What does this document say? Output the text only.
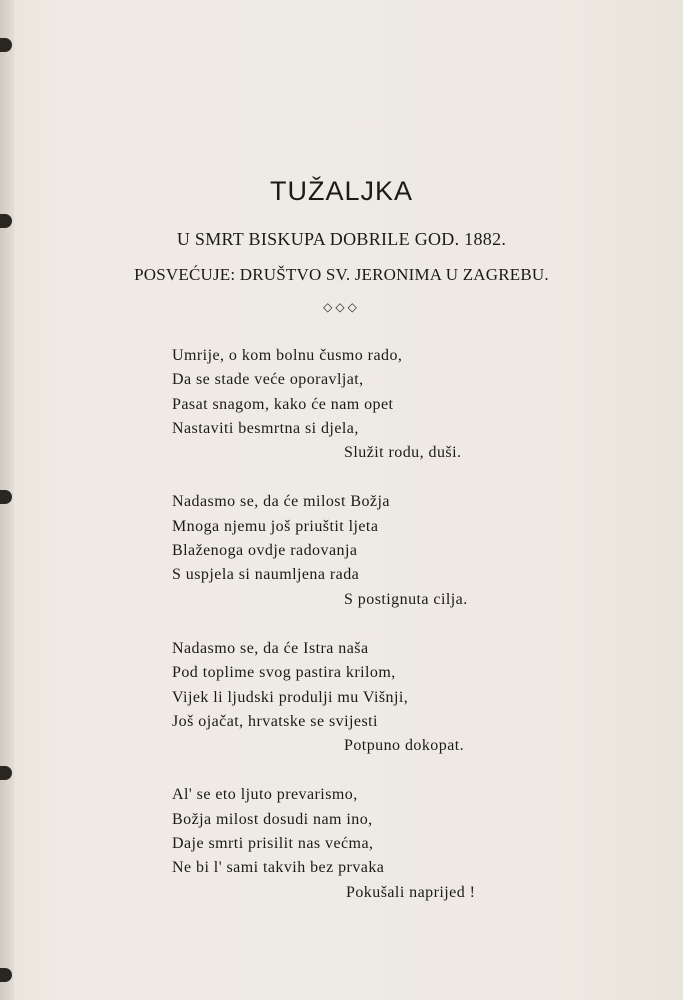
TUŽALJKA

U SMRT BISKUPA DOBRILE GOD. 1882.

POSVEĆUJE: DRUŠTVO SV. JERONIMA U ZAGREBU.

◇◇◇
Umrije, o kom bolnu čusmo rado,
Da se stade veće oporavljat,
Pasat snagom, kako će nam opet
Nastaviti besmrtna si djela,
Služit rodu, duši.
Nadasmo se, da će milost Božja
Mnoga njemu još priuštit ljeta
Blaženoga ovdje radovanja
S uspjela si naumljena rada
S postignuta cilja.
Nadasmo se, da će Istra naša
Pod toplime svog pastira krilom,
Vijek li ljudski produlji mu Višnji,
Još ojačat, hrvatske se svijesti
Potpuno dokopat.
Al' se eto ljuto prevarismo,
Božja milost dosudi nam ino,
Daje smrti prisilit nas većma,
Ne bi l' sami takvih bez prvaka
Pokušali naprijed !
